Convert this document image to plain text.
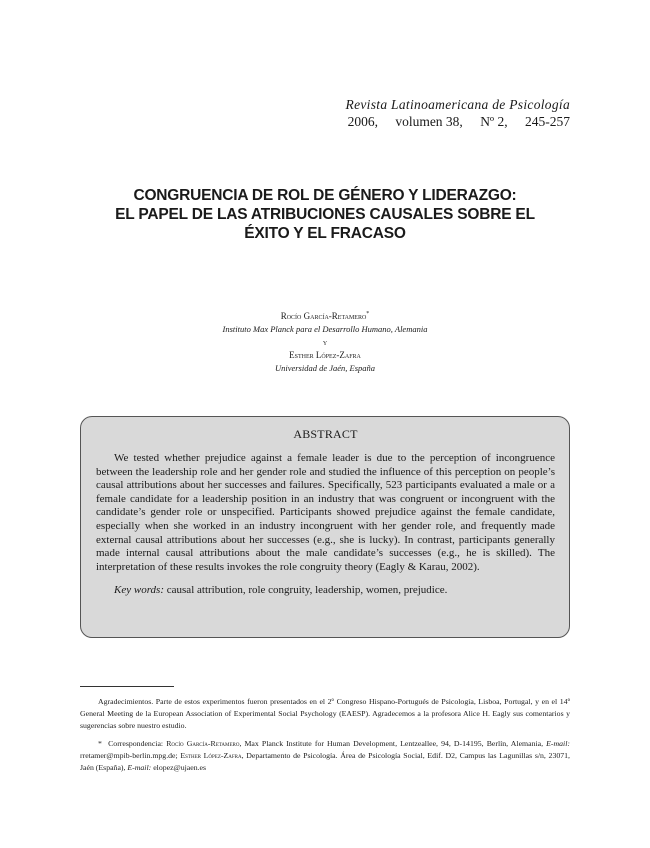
Revista Latinoamericana de Psicología
2006, volumen 38, Nº 2, 245-257
CONGRUENCIA DE ROL DE GÉNERO Y LIDERAZGO:
EL PAPEL DE LAS ATRIBUCIONES CAUSALES SOBRE EL
ÉXITO Y EL FRACASO
Rocío García-Retamero*
Instituto Max Planck para el Desarrollo Humano, Alemania
y
Esther López-Zafra
Universidad de Jaén, España
ABSTRACT

We tested whether prejudice against a female leader is due to the perception of incongruence between the leadership role and her gender role and studied the influence of this perception on people’s causal attributions about her successes and failures. Specifically, 523 participants evaluated a male or a female candidate for a leadership position in an industry that was congruent or incongruent with the candidate’s gender role or unspecified. Participants showed prejudice against the female candidate, especially when she worked in an industry incongruent with her gender role, and frequently made external causal attributions about her successes (e.g., she is lucky). In contrast, participants generally made internal causal attributions about the male candidate’s successes (e.g., he is skilled). The interpretation of these results invokes the role congruity theory (Eagly & Karau, 2002).

Key words: causal attribution, role congruity, leadership, women, prejudice.

Agradecimientos. Parte de estos experimentos fueron presentados en el 2º Congreso Hispano-Portugués de Psicología, Lisboa, Portugal, y en el 14º General Meeting de la European Association of Experimental Social Psychology (EAESP). Agradecemos a la profesora Alice H. Eagly sus comentarios y sugerencias sobre nuestro estudio.

* Correspondencia: Rocío García-Retamero, Max Planck Institute for Human Development, Lentzeallee, 94, D-14195, Berlín, Alemania, E-mail: rretamer@mpib-berlin.mpg.de; Esther López-Zafra, Departamento de Psicología. Área de Psicología Social, Edif. D2, Campus las Lagunillas s/n, 23071, Jaén (España), E-mail: elopez@ujaen.es
